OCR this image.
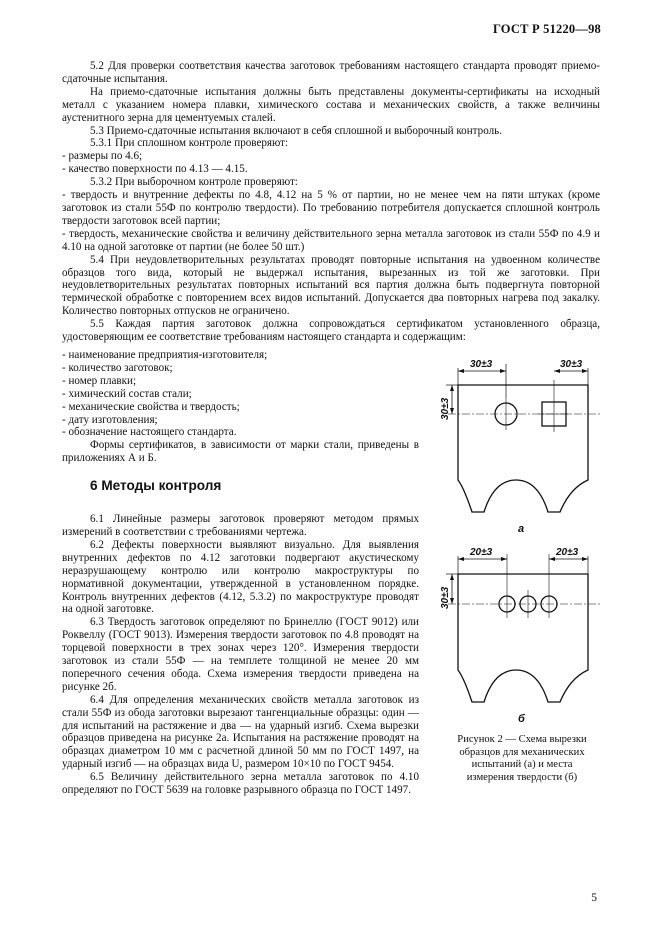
ГОСТ Р 51220—98

5.2 Для проверки соответствия качества заготовок требованиям настоящего стандарта проводят приемо-сдаточные испытания.

На приемо-сдаточные испытания должны быть представлены документы-сертификаты на исходный металл с указанием номера плавки, химического состава и механических свойств, а также величины аустенитного зерна для цементуемых сталей.

5.3 Приемо-сдаточные испытания включают в себя сплошной и выборочный контроль.

5.3.1 При сплошном контроле проверяют:

- размеры по 4.6;

- качество поверхности по 4.13 — 4.15.

5.3.2 При выборочном контроле проверяют:

- твердость и внутренние дефекты по 4.8, 4.12 на 5 % от партии, но не менее чем на пяти штуках (кроме заготовок из стали 55Ф по контролю твердости). По требованию потребителя допускается сплошной контроль твердости заготовок всей партии;

- твердость, механические свойства и величину действительного зерна металла заготовок из стали 55Ф по 4.9 и 4.10 на одной заготовке от партии (не более 50 шт.)

5.4 При неудовлетворительных результатах проводят повторные испытания на удвоенном количестве образцов того вида, который не выдержал испытания, вырезанных из той же заготовки. При неудовлетворительных результатах повторных испытаний вся партия должна быть подвергнута повторной термической обработке с повторением всех видов испытаний. Допускается два повторных нагрева под закалку. Количество повторных отпусков не ограничено.

5.5 Каждая партия заготовок должна сопровождаться сертификатом установленного образца, удостоверяющим ее соответствие требованиям настоящего стандарта и содержащим:

- наименование предприятия-изготовителя;

- количество заготовок;

- номер плавки;

- химический состав стали;

- механические свойства и твердость;

- дату изготовления;

- обозначение настоящего стандарта.

Формы сертификатов, в зависимости от марки стали, приведены в приложениях А и Б.

6 Методы контроля

6.1 Линейные размеры заготовок проверяют методом прямых измерений в соответствии с требованиями чертежа.

6.2 Дефекты поверхности выявляют визуально. Для выявления внутренних дефектов по 4.12 заготовки подвергают акустическому неразрушающему контролю или контролю макроструктуры по нормативной документации, утвержденной в установленном порядке. Контроль внутренних дефектов (4.12, 5.3.2) по макроструктуре проводят на одной заготовке.

6.3 Твердость заготовок определяют по Бринеллю (ГОСТ 9012) или Роквеллу (ГОСТ 9013). Измерения твердости заготовок по 4.8 проводят на торцевой поверхности в трех зонах через 120°. Измерения твердости заготовок из стали 55Ф — на темплете толщиной не менее 20 мм поперечного сечения обода. Схема измерения твердости приведена на рисунке 2б.

6.4 Для определения механических свойств металла заготовок из стали 55Ф из обода заготовки вырезают тангенциальные образцы: один — для испытаний на растяжение и два — на ударный изгиб. Схема вырезки образцов приведена на рисунке 2а. Испытания на растяжение проводят на образцах диаметром 10 мм с расчетной длиной 50 мм по ГОСТ 1497, на ударный изгиб — на образцах вида U, размером 10×10 по ГОСТ 9454.

6.5 Величину действительного зерна металла заготовок по 4.10 определяют по ГОСТ 5639 на головке разрывного образца по ГОСТ 1497.

30±3	30±3
30±3
а
20±3	20±3
30±3
б
Рисунок 2 — Схема вырезки образцов для механических испытаний (а) и места измерения твердости (б)
5
